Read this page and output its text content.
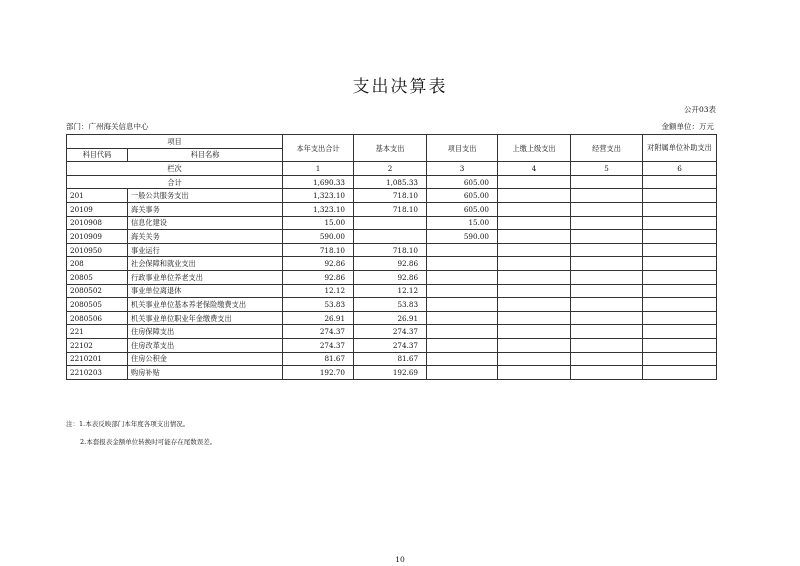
支出决算表
公开03表
部门：广州海关信息中心	金额单位：万元
项目		本年支出合计	基本支出	项目支出	上缴上级支出	经营支出	对附属单位补助支出
科目代码	科目名称						
栏次		1	2	3	4	5	6
合计		1,690.33	1,085.33	605.00			
201	一般公共服务支出	1,323.10	718.10	605.00			
20109	海关事务	1,323.10	718.10	605.00			
2010908	信息化建设	15.00		15.00			
2010909	海关关务	590.00		590.00			
2010950	事业运行	718.10	718.10				
208	社会保障和就业支出	92.86	92.86				
20805	行政事业单位养老支出	92.86	92.86				
2080502	事业单位离退休	12.12	12.12				
2080505	机关事业单位基本养老保险缴费支出	53.83	53.83				
2080506	机关事业单位职业年金缴费支出	26.91	26.91				
221	住房保障支出	274.37	274.37				
22102	住房改革支出	274.37	274.37				
2210201	住房公积金	81.67	81.67				
2210203	购房补贴	192.70	192.69				
注：1.本表反映部门本年度各项支出情况。
2.本套报表金额单位转换时可能存在尾数误差。
10
